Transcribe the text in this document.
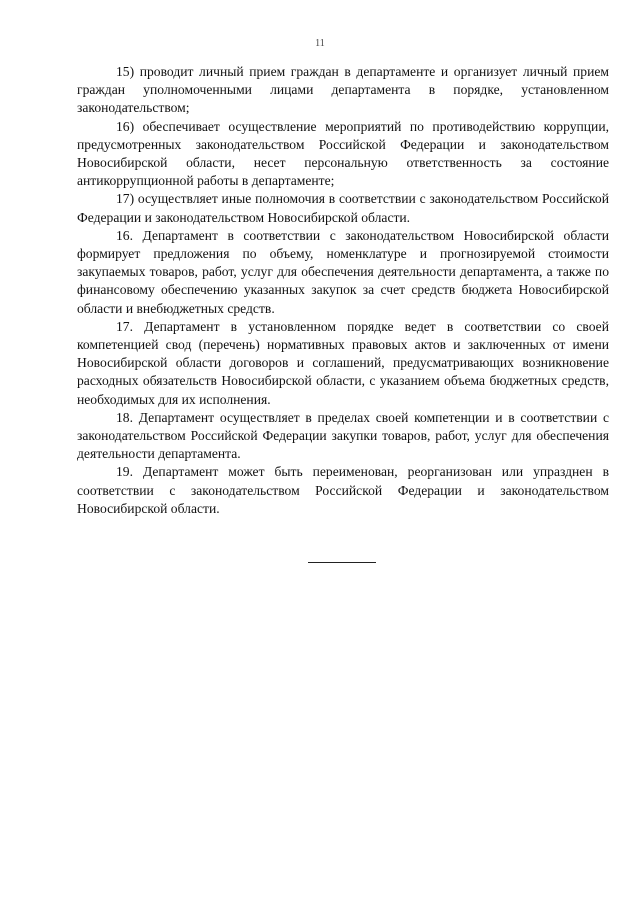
11

15) проводит личный прием граждан в департаменте и организует личный прием граждан уполномоченными лицами департамента в порядке, установленном законодательством;

16) обеспечивает осуществление мероприятий по противодействию коррупции, предусмотренных законодательством Российской Федерации и законодательством Новосибирской области, несет персональную ответственность за состояние антикоррупционной работы в департаменте;

17) осуществляет иные полномочия в соответствии с законодательством Российской Федерации и законодательством Новосибирской области.

16. Департамент в соответствии с законодательством Новосибирской области формирует предложения по объему, номенклатуре и прогнозируемой стоимости закупаемых товаров, работ, услуг для обеспечения деятельности департамента, а также по финансовому обеспечению указанных закупок за счет средств бюджета Новосибирской области и внебюджетных средств.

17. Департамент в установленном порядке ведет в соответствии со своей компетенцией свод (перечень) нормативных правовых актов и заключенных от имени Новосибирской области договоров и соглашений, предусматривающих возникновение расходных обязательств Новосибирской области, с указанием объема бюджетных средств, необходимых для их исполнения.

18. Департамент осуществляет в пределах своей компетенции и в соответствии с законодательством Российской Федерации закупки товаров, работ, услуг для обеспечения деятельности департамента.

19. Департамент может быть переименован, реорганизован или упразднен в соответствии с законодательством Российской Федерации и законодательством Новосибирской области.
